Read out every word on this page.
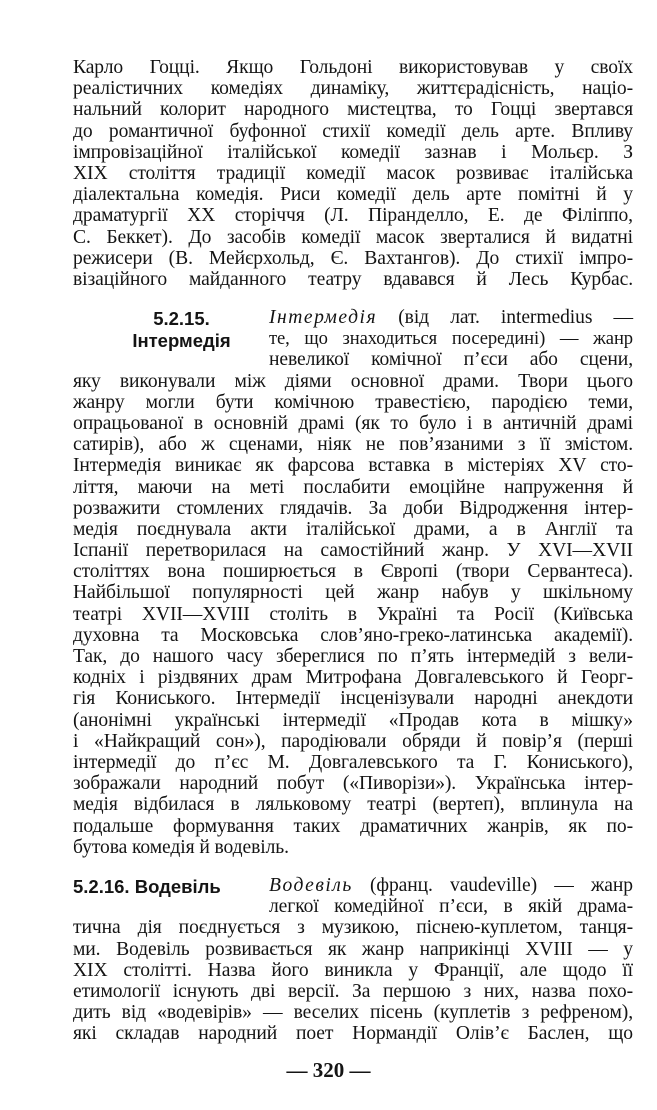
Карло Гоцці. Якщо Гольдоні використовував у своїх
реалістичних комедіях динаміку, життєрадісність, націо-
нальний колорит народного мистецтва, то Гоцці звертався
до романтичної буфонної стихії комедії дель арте. Впливу
імпровізаційної італійської комедії зазнав і Мольєр. З
XIX століття традиції комедії масок розвиває італійська
діалектальна комедія. Риси комедії дель арте помітні й у
драматургії XX сторіччя (Л. Піранделло, Е. де Філіппо,
С. Беккет). До засобів комедії масок зверталися й видатні
режисери (В. Мейєрхольд, Є. Вахтангов). До стихії імпро-
візаційного майданного театру вдавався й Лесь Курбас.
5.2.15.
Інтермедія
Інтермедія (від лат. intermedius —
те, що знаходиться посередині) — жанр
невеликої комічної п’єси або сцени,
яку виконували між діями основної драми. Твори цього
жанру могли бути комічною травестією, пародією теми,
опрацьованої в основній драмі (як то було і в античній драмі
сатирів), або ж сценами, ніяк не пов’язаними з її змістом.
Інтермедія виникає як фарсова вставка в містеріях XV сто-
ліття, маючи на меті послабити емоційне напруження й
розважити стомлених глядачів. За доби Відродження інтер-
медія поєднувала акти італійської драми, а в Англії та
Іспанії перетворилася на самостійний жанр. У XVI—XVII
століттях вона поширюється в Європі (твори Сервантеса).
Найбільшої популярності цей жанр набув у шкільному
театрі XVII—XVIII століть в Україні та Росії (Київська
духовна та Московська слов’яно-греко-латинська академії).
Так, до нашого часу збереглися по п’ять інтермедій з вели-
кодніх і різдвяних драм Митрофана Довгалевського й Георг-
гія Кониського. Інтермедії інсценізували народні анекдоти
(анонімні українські інтермедії «Продав кота в мішку»
і «Найкращий сон»), пародіювали обряди й повір’я (перші
інтермедії до п’єс М. Довгалевського та Г. Кониського),
зображали народний побут («Пиворізи»). Українська інтер-
медія відбилася в ляльковому театрі (вертеп), вплинула на
подальше формування таких драматичних жанрів, як по-
бутова комедія й водевіль.
5.2.16. Водевіль	Водевіль (франц. vaudeville) — жанр
легкої комедійної п’єси, в якій драма-
тична дія поєднується з музикою, піснею-куплетом, танця-
ми. Водевіль розвивається як жанр наприкінці XVIII — у
XIX столітті. Назва його виникла у Франції, але щодо її
етимології існують дві версії. За першою з них, назва похо-
дить від «водевірів» — веселих пісень (куплетів з рефреном),
які складав народний поет Нормандії Олів’є Баслен, що
— 320 —
